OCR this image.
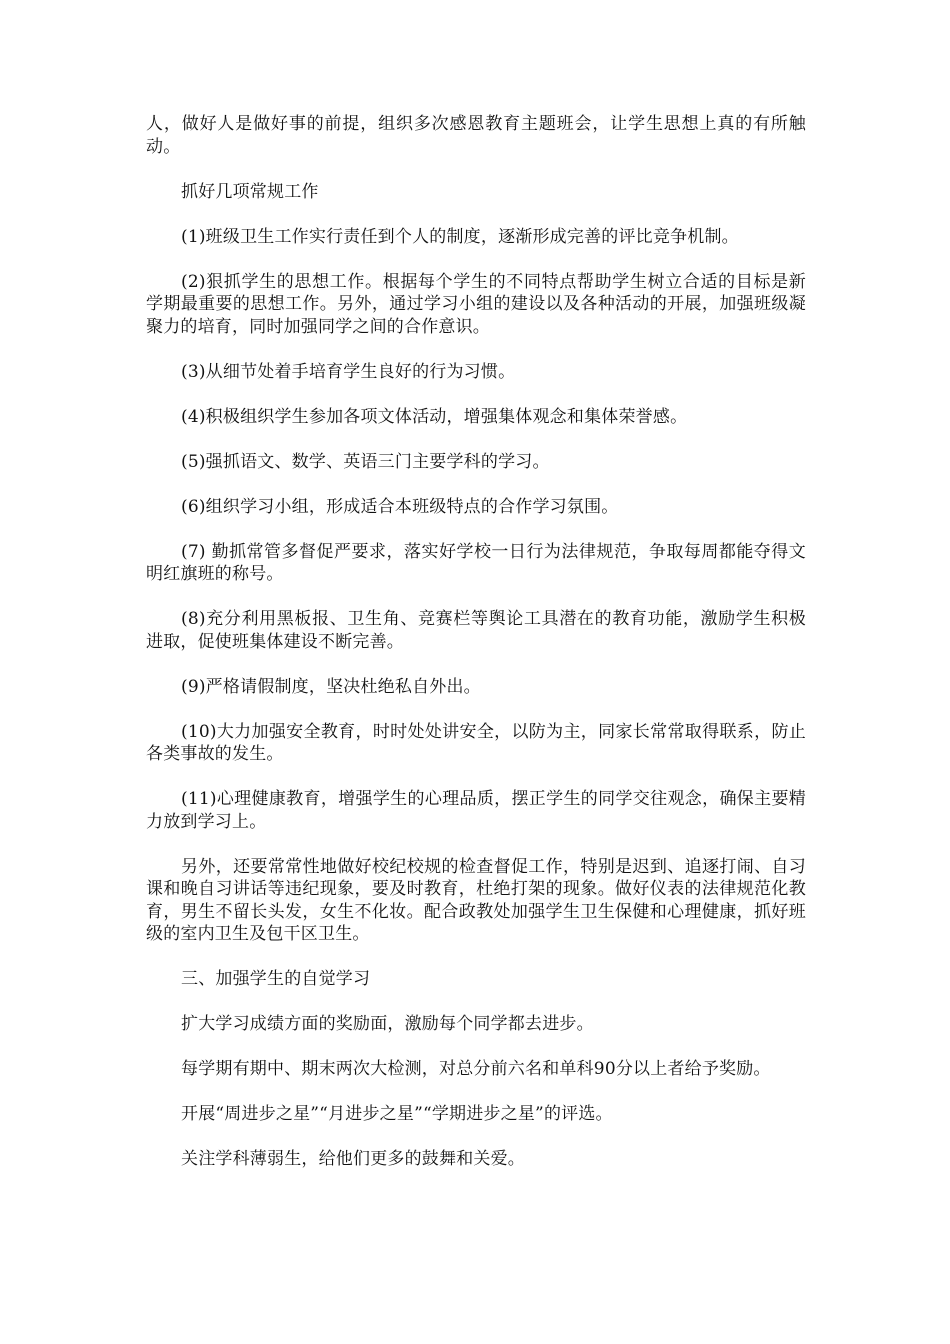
人，做好人是做好事的前提，组织多次感恩教育主题班会，让学生思想上真的有所触动。

抓好几项常规工作

(1)班级卫生工作实行责任到个人的制度，逐渐形成完善的评比竞争机制。

(2)狠抓学生的思想工作。根据每个学生的不同特点帮助学生树立合适的目标是新学期最重要的思想工作。另外，通过学习小组的建设以及各种活动的开展，加强班级凝聚力的培育，同时加强同学之间的合作意识。

(3)从细节处着手培育学生良好的行为习惯。

(4)积极组织学生参加各项文体活动，增强集体观念和集体荣誉感。

(5)强抓语文、数学、英语三门主要学科的学习。

(6)组织学习小组，形成适合本班级特点的合作学习氛围。

(7) 勤抓常管多督促严要求，落实好学校一日行为法律规范，争取每周都能夺得文明红旗班的称号。

(8)充分利用黑板报、卫生角、竞赛栏等舆论工具潜在的教育功能，激励学生积极进取，促使班集体建设不断完善。

(9)严格请假制度，坚决杜绝私自外出。

(10)大力加强安全教育，时时处处讲安全，以防为主，同家长常常取得联系，防止各类事故的发生。

(11)心理健康教育，增强学生的心理品质，摆正学生的同学交往观念，确保主要精力放到学习上。

另外，还要常常性地做好校纪校规的检查督促工作，特别是迟到、追逐打闹、自习课和晚自习讲话等违纪现象，要及时教育，杜绝打架的现象。做好仪表的法律规范化教育，男生不留长头发，女生不化妆。配合政教处加强学生卫生保健和心理健康，抓好班级的室内卫生及包干区卫生。

三、加强学生的自觉学习

扩大学习成绩方面的奖励面，激励每个同学都去进步。

每学期有期中、期末两次大检测，对总分前六名和单科90分以上者给予奖励。

开展“周进步之星”“月进步之星”“学期进步之星”的评选。

关注学科薄弱生，给他们更多的鼓舞和关爱。
